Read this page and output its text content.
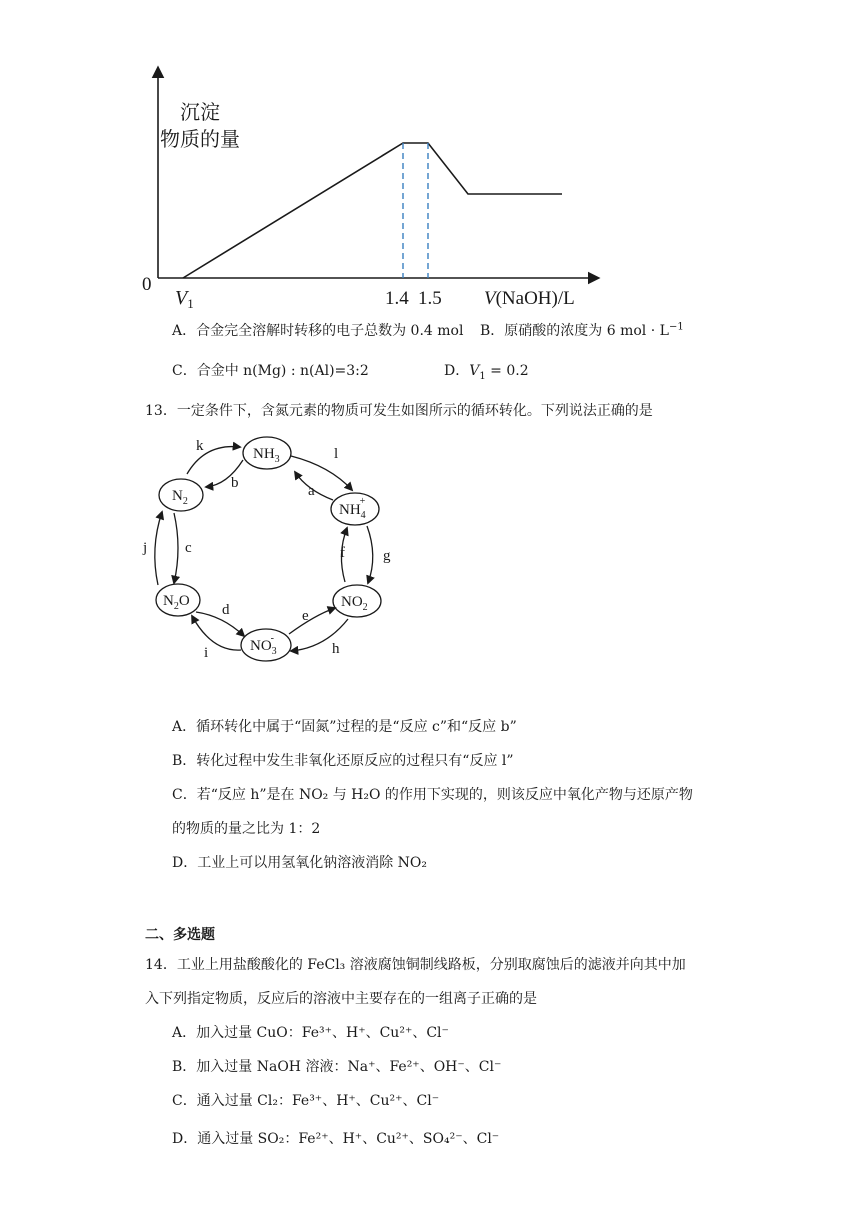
沉淀
物质的量
0
$V_1$	1.4 1.5 V(NaOH)/L
A．合金完全溶解时转移的电子总数为 0.4 mol B．原硝酸的浓度为 6 mol · $L^{-1}$
C．合金中 n(Mg) : n(Al)=3:2	D．$V_1 = 0.2$
13．一定条件下，含氮元素的物质可发生如图所示的循环转化。下列说法正确的是
$NH_3$
$NH_4+$
$NO_2$
$NO_3-$
$N_2O$
$N_2$
k
b
l
a
f	g
e
h
d
i
j	c
A．循环转化中属于“固氮”过程的是“反应 c”和“反应 b”
B．转化过程中发生非氧化还原反应的过程只有“反应 l”
C．若“反应 h”是在 NO₂ 与 H₂O 的作用下实现的，则该反应中氧化产物与还原产物
的物质的量之比为 1：2
D．工业上可以用氢氧化钠溶液消除 NO₂
二、多选题
14．工业上用盐酸酸化的 FeCl₃ 溶液腐蚀铜制线路板，分别取腐蚀后的滤液并向其中加
入下列指定物质，反应后的溶液中主要存在的一组离子正确的是
A．加入过量 CuO：Fe³⁺、H⁺、Cu²⁺、Cl⁻
B．加入过量 NaOH 溶液：Na⁺、Fe²⁺、OH⁻、Cl⁻
C．通入过量 Cl₂：Fe³⁺、H⁺、Cu²⁺、Cl⁻
D．通入过量 SO₂：Fe²⁺、H⁺、Cu²⁺、SO₄²⁻、Cl⁻
